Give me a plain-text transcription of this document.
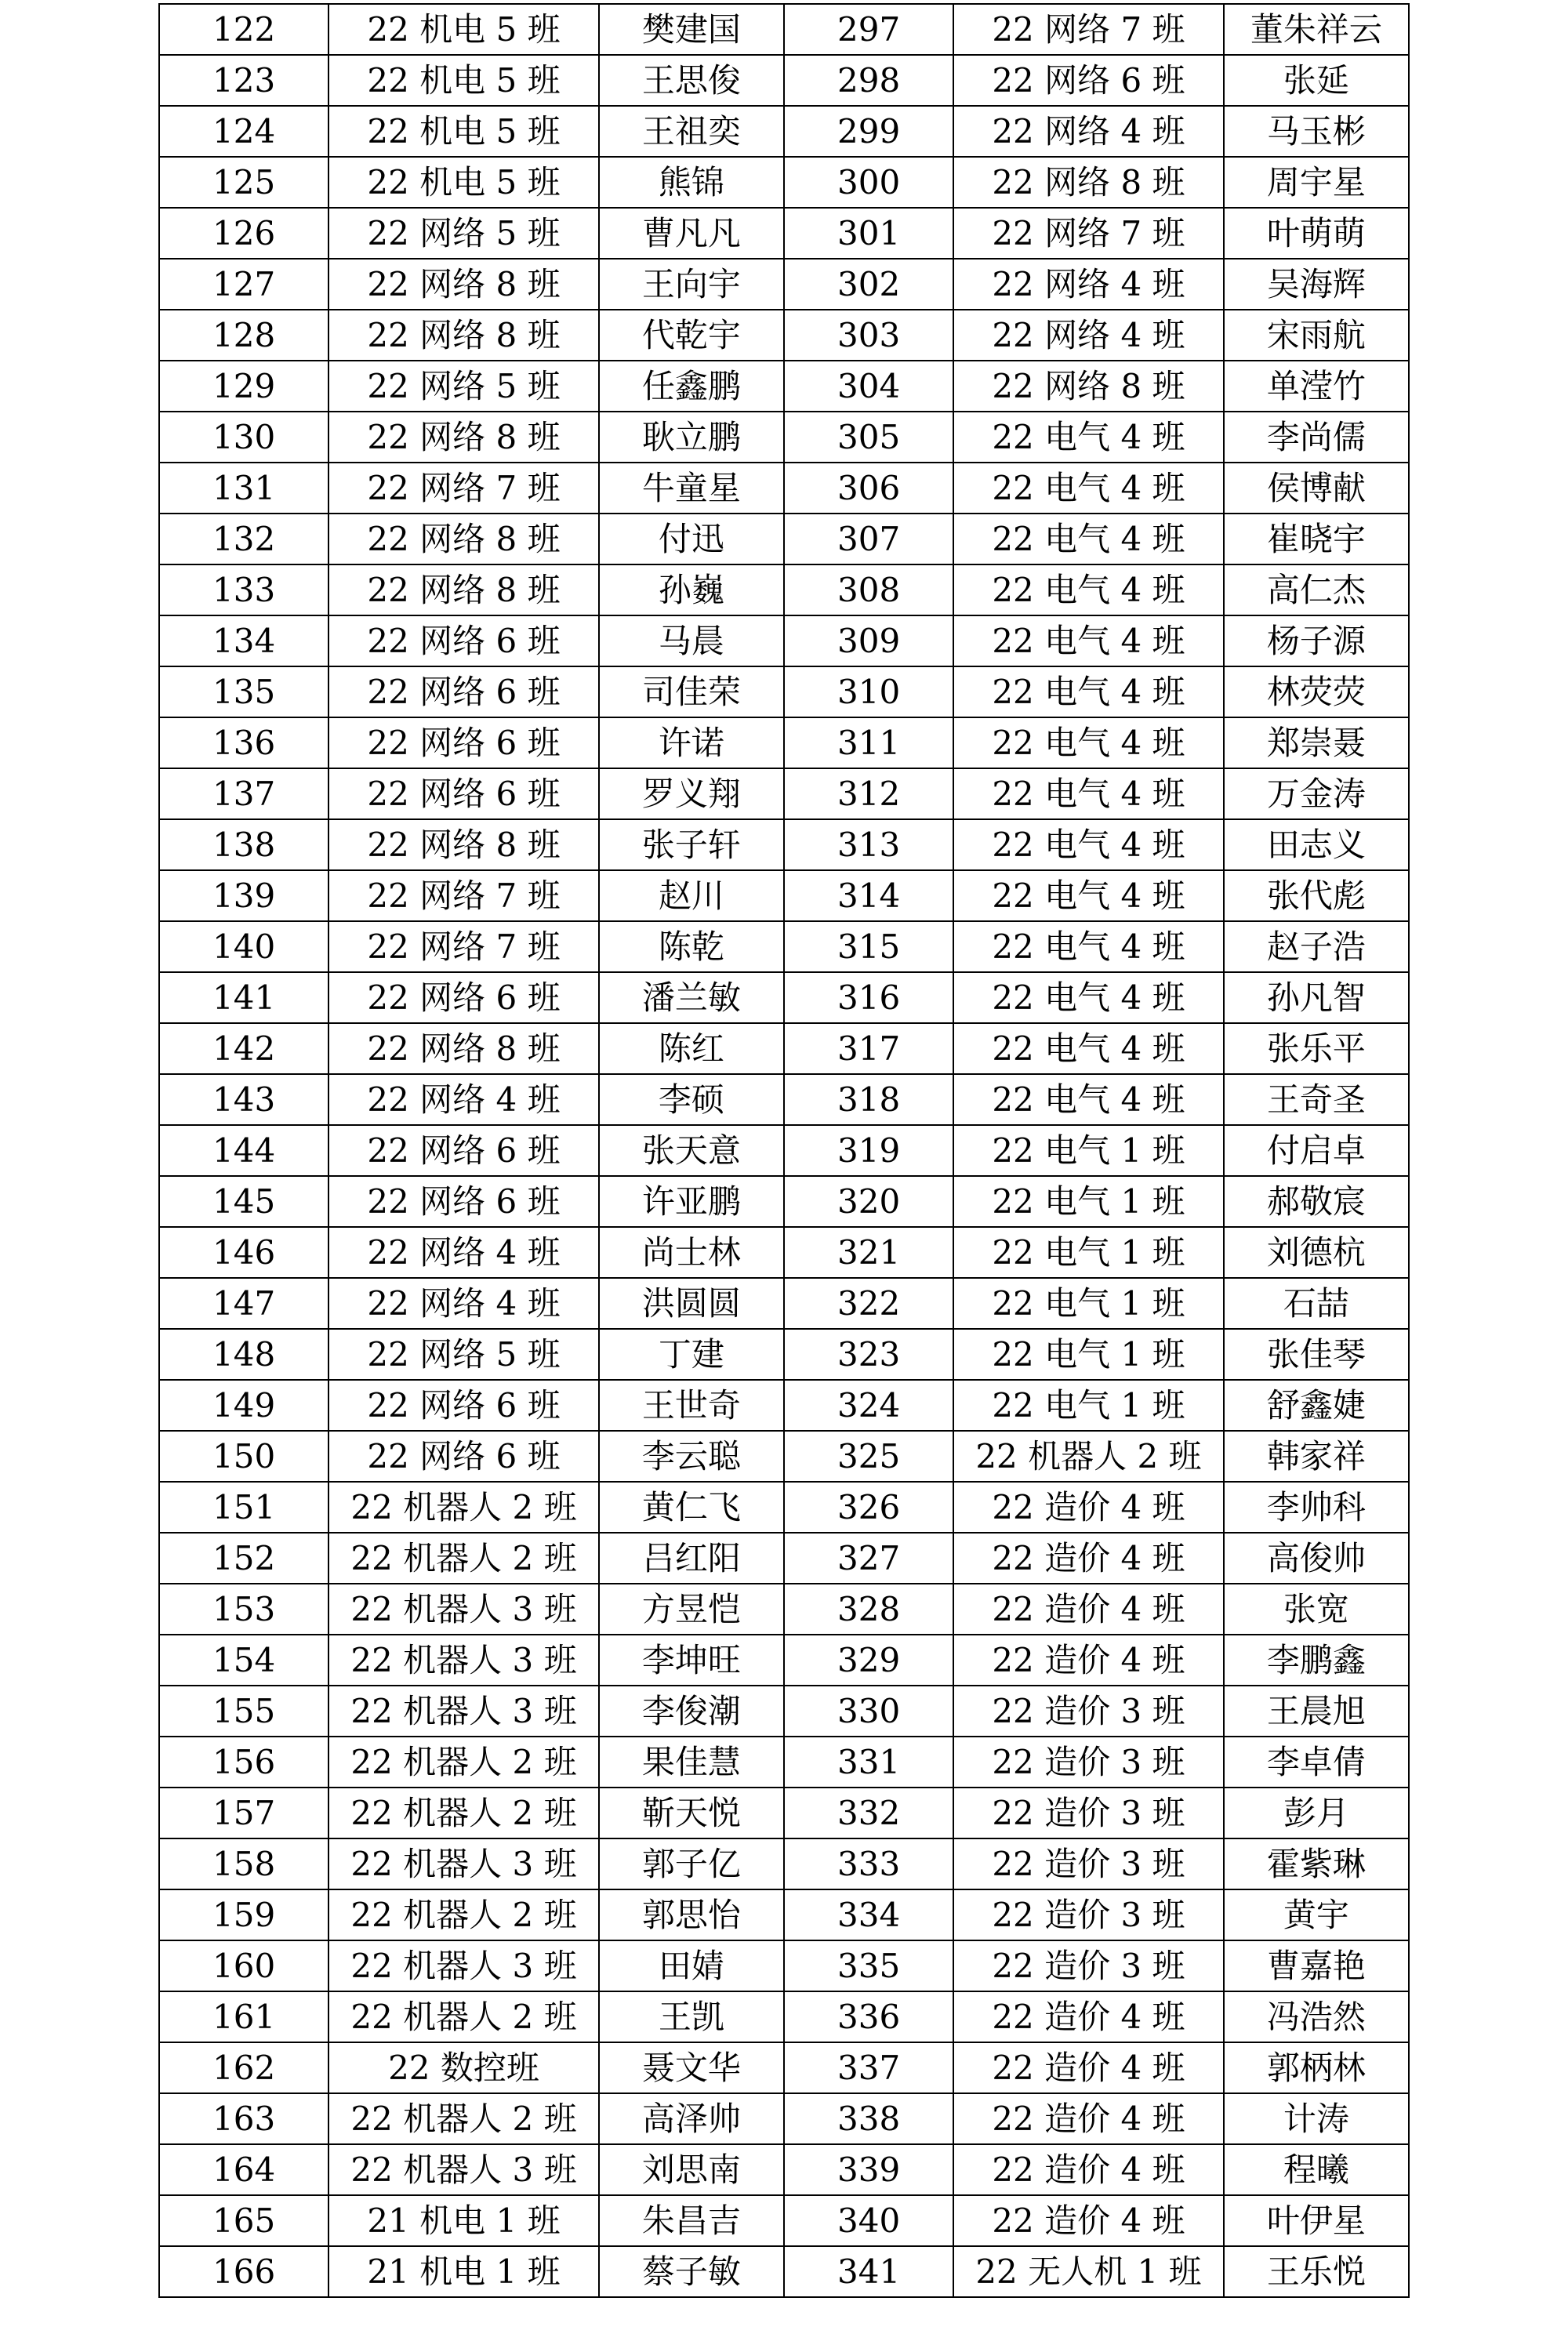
122	22 机电 5 班	樊建国	297	22 网络 7 班	董朱祥云
123	22 机电 5 班	王思俊	298	22 网络 6 班	张延
124	22 机电 5 班	王祖奕	299	22 网络 4 班	马玉彬
125	22 机电 5 班	熊锦	300	22 网络 8 班	周宇星
126	22 网络 5 班	曹凡凡	301	22 网络 7 班	叶萌萌
127	22 网络 8 班	王向宇	302	22 网络 4 班	吴海辉
128	22 网络 8 班	代乾宇	303	22 网络 4 班	宋雨航
129	22 网络 5 班	任鑫鹏	304	22 网络 8 班	单滢竹
130	22 网络 8 班	耿立鹏	305	22 电气 4 班	李尚儒
131	22 网络 7 班	牛童星	306	22 电气 4 班	侯博献
132	22 网络 8 班	付迅	307	22 电气 4 班	崔晓宇
133	22 网络 8 班	孙巍	308	22 电气 4 班	高仁杰
134	22 网络 6 班	马晨	309	22 电气 4 班	杨子源
135	22 网络 6 班	司佳荣	310	22 电气 4 班	林荧荧
136	22 网络 6 班	许诺	311	22 电气 4 班	郑崇聂
137	22 网络 6 班	罗义翔	312	22 电气 4 班	万金涛
138	22 网络 8 班	张子轩	313	22 电气 4 班	田志义
139	22 网络 7 班	赵川	314	22 电气 4 班	张代彪
140	22 网络 7 班	陈乾	315	22 电气 4 班	赵子浩
141	22 网络 6 班	潘兰敏	316	22 电气 4 班	孙凡智
142	22 网络 8 班	陈红	317	22 电气 4 班	张乐平
143	22 网络 4 班	李硕	318	22 电气 4 班	王奇圣
144	22 网络 6 班	张天意	319	22 电气 1 班	付启卓
145	22 网络 6 班	许亚鹏	320	22 电气 1 班	郝敬宸
146	22 网络 4 班	尚士林	321	22 电气 1 班	刘德杭
147	22 网络 4 班	洪圆圆	322	22 电气 1 班	石喆
148	22 网络 5 班	丁建	323	22 电气 1 班	张佳琴
149	22 网络 6 班	王世奇	324	22 电气 1 班	舒鑫婕
150	22 网络 6 班	李云聪	325	22 机器人 2 班	韩家祥
151	22 机器人 2 班	黄仁飞	326	22 造价 4 班	李帅科
152	22 机器人 2 班	吕红阳	327	22 造价 4 班	高俊帅
153	22 机器人 3 班	方昱恺	328	22 造价 4 班	张宽
154	22 机器人 3 班	李坤旺	329	22 造价 4 班	李鹏鑫
155	22 机器人 3 班	李俊潮	330	22 造价 3 班	王晨旭
156	22 机器人 2 班	果佳慧	331	22 造价 3 班	李卓倩
157	22 机器人 2 班	靳天悦	332	22 造价 3 班	彭月
158	22 机器人 3 班	郭子亿	333	22 造价 3 班	霍紫琳
159	22 机器人 2 班	郭思怡	334	22 造价 3 班	黄宇
160	22 机器人 3 班	田婧	335	22 造价 3 班	曹嘉艳
161	22 机器人 2 班	王凯	336	22 造价 4 班	冯浩然
162	22 数控班	聂文华	337	22 造价 4 班	郭柄林
163	22 机器人 2 班	高泽帅	338	22 造价 4 班	计涛
164	22 机器人 3 班	刘思南	339	22 造价 4 班	程曦
165	21 机电 1 班	朱昌吉	340	22 造价 4 班	叶伊星
166	21 机电 1 班	蔡子敏	341	22 无人机 1 班	王乐悦
